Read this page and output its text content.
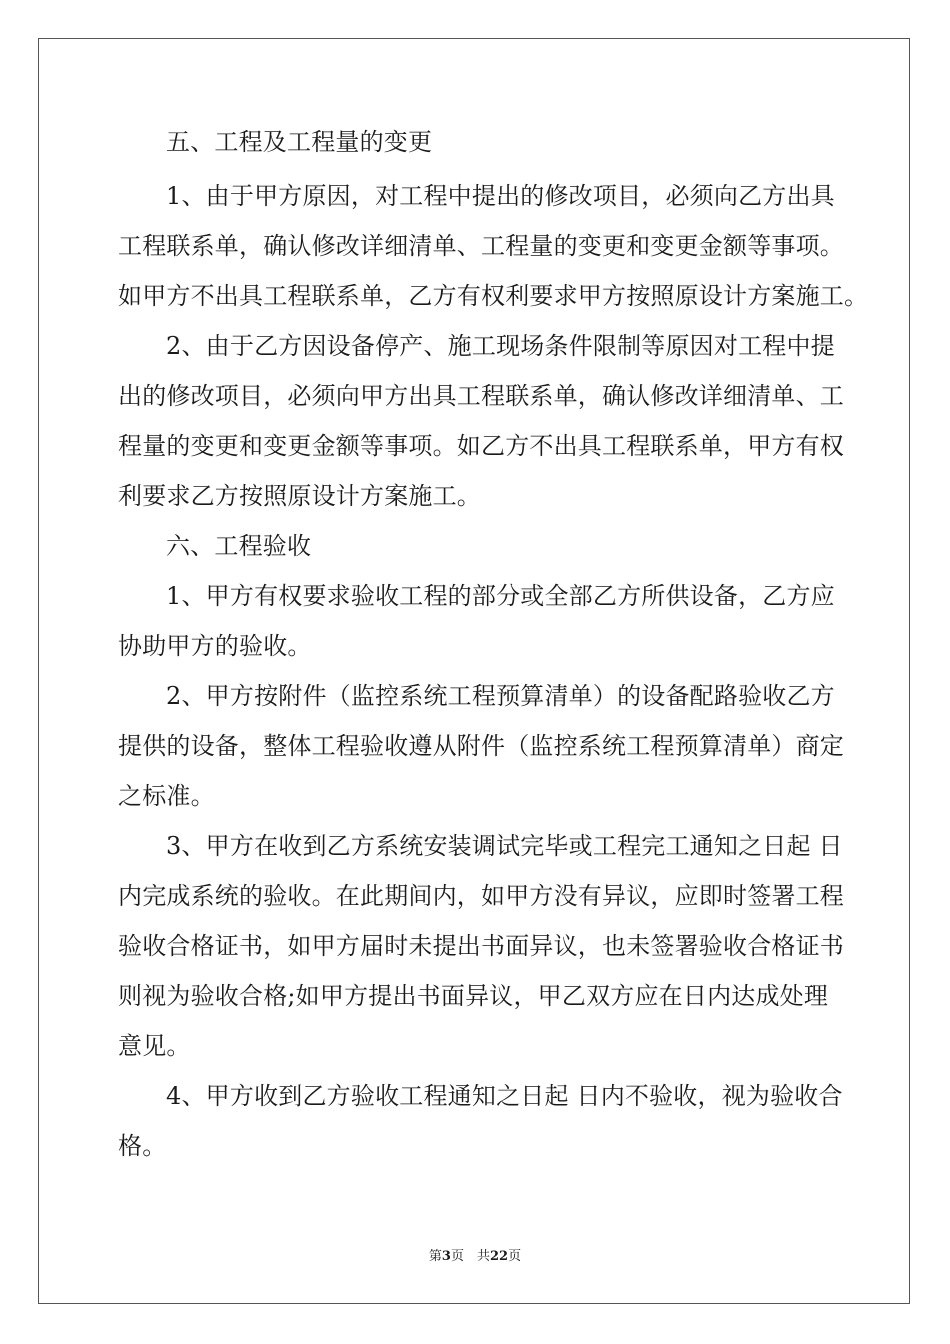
五、工程及工程量的变更
1、由于甲方原因，对工程中提出的修改项目，必须向乙方出具
工程联系单，确认修改详细清单、工程量的变更和变更金额等事项。
如甲方不出具工程联系单，乙方有权利要求甲方按照原设计方案施工。
2、由于乙方因设备停产、施工现场条件限制等原因对工程中提
出的修改项目，必须向甲方出具工程联系单，确认修改详细清单、工
程量的变更和变更金额等事项。如乙方不出具工程联系单，甲方有权
利要求乙方按照原设计方案施工。
六、工程验收
1、甲方有权要求验收工程的部分或全部乙方所供设备，乙方应
协助甲方的验收。
2、甲方按附件（监控系统工程预算清单）的设备配路验收乙方
提供的设备，整体工程验收遵从附件（监控系统工程预算清单）商定
之标准。
3、甲方在收到乙方系统安装调试完毕或工程完工通知之日起 日
内完成系统的验收。在此期间内，如甲方没有异议，应即时签署工程
验收合格证书，如甲方届时未提出书面异议，也未签署验收合格证书
则视为验收合格;如甲方提出书面异议，甲乙双方应在日内达成处理
意见。
4、甲方收到乙方验收工程通知之日起 日内不验收，视为验收合
格。
第3页　共22页
